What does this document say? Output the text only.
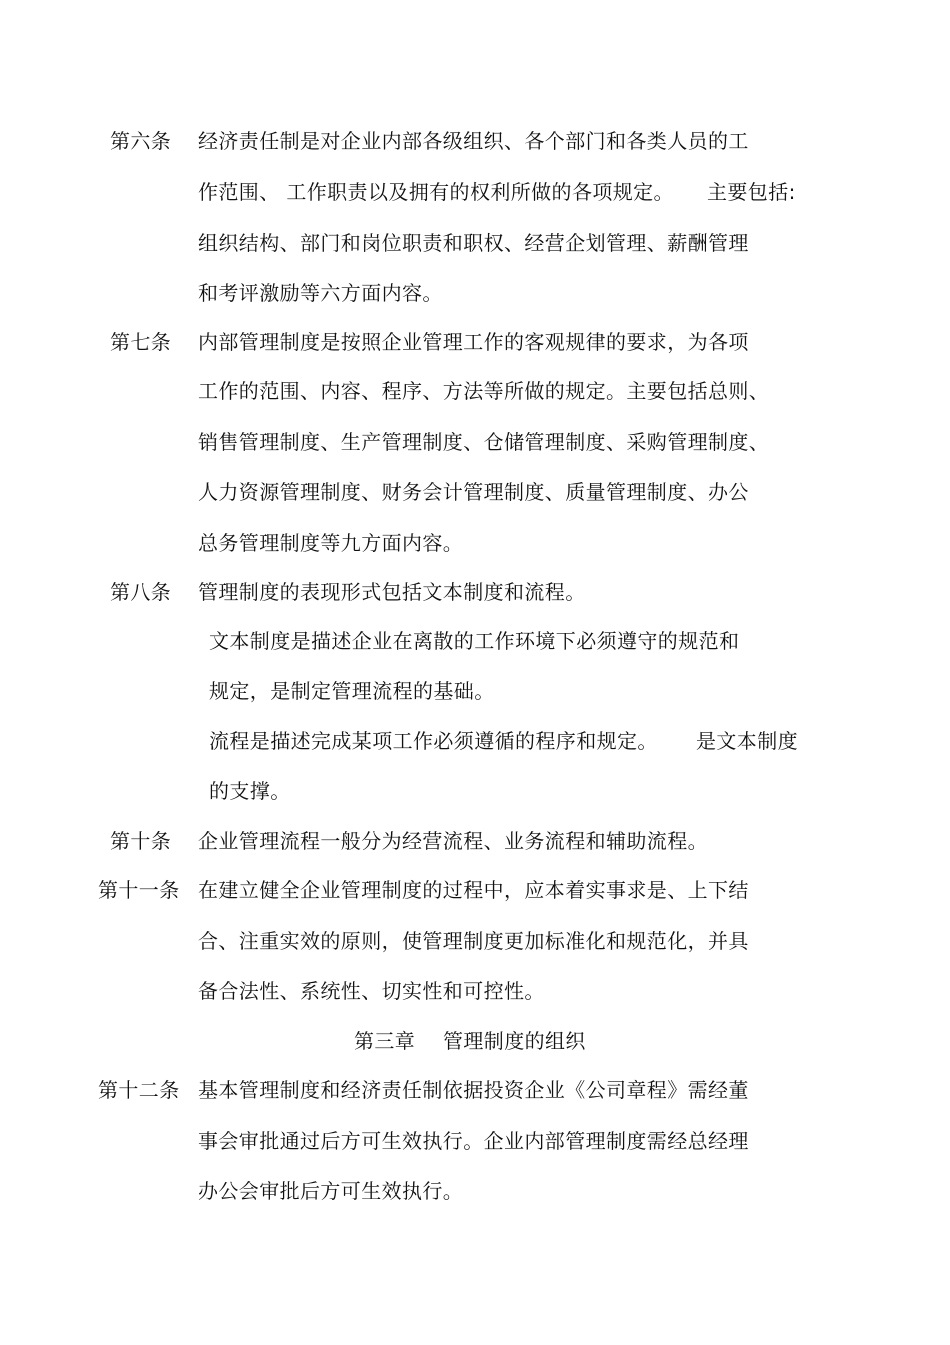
第六条 经济责任制是对企业内部各级组织、各个部门和各类人员的工
作范围、 工作职责以及拥有的权利所做的各项规定。 主要包括:
组织结构、部门和岗位职责和职权、经营企划管理、薪酬管理
和考评激励等六方面内容。
第七条 内部管理制度是按照企业管理工作的客观规律的要求，为各项
工作的范围、内容、程序、方法等所做的规定。主要包括总则、
销售管理制度、生产管理制度、仓储管理制度、采购管理制度、
人力资源管理制度、财务会计管理制度、质量管理制度、办公
总务管理制度等九方面内容。
第八条 管理制度的表现形式包括文本制度和流程。
文本制度是描述企业在离散的工作环境下必须遵守的规范和
规定，是制定管理流程的基础。
流程是描述完成某项工作必须遵循的程序和规定。 是文本制度
的支撑。
第十条 企业管理流程一般分为经营流程、业务流程和辅助流程。
第十一条 在建立健全企业管理制度的过程中，应本着实事求是、上下结
合、注重实效的原则，使管理制度更加标准化和规范化，并具
备合法性、系统性、切实性和可控性。
第三章 管理制度的组织
第十二条 基本管理制度和经济责任制依据投资企业《公司章程》需经董
事会审批通过后方可生效执行。企业内部管理制度需经总经理
办公会审批后方可生效执行。
